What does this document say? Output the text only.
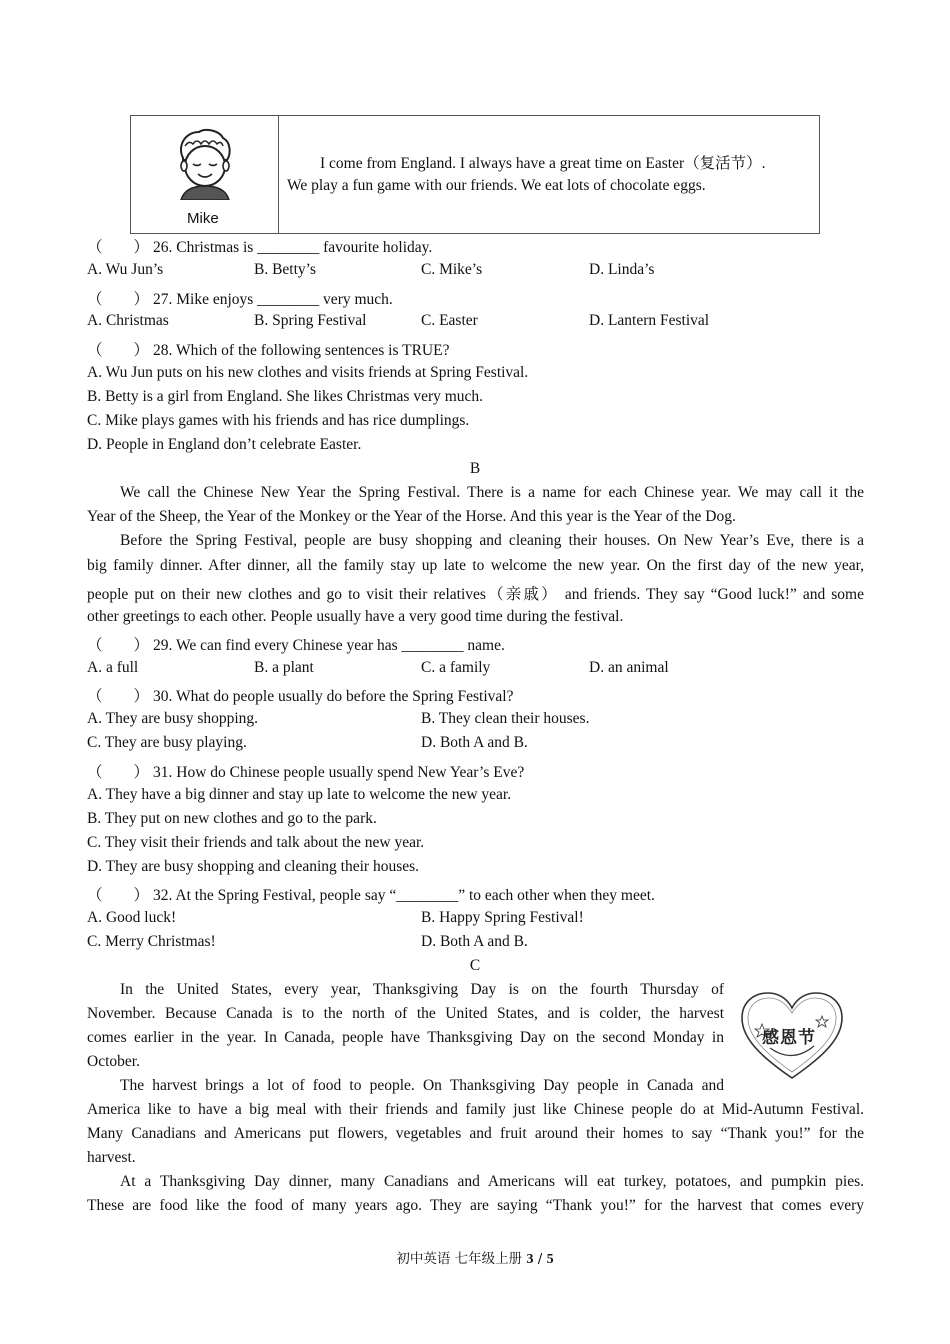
Mike
I come from England. I always have a great time on Easter（复活节）.
We play a fun game with our friends. We eat lots of chocolate eggs.
（　　） 26. Christmas is ________ favourite holiday.
A. Wu Jun’s	B. Betty’s	C. Mike’s	D. Linda’s
（　　） 27. Mike enjoys ________ very much.
A. Christmas	B. Spring Festival	C. Easter	D. Lantern Festival
（　　） 28. Which of the following sentences is TRUE?
A. Wu Jun puts on his new clothes and visits friends at Spring Festival.
B. Betty is a girl from England. She likes Christmas very much.
C. Mike plays games with his friends and has rice dumplings.
D. People in England don’t celebrate Easter.
B
We call the Chinese New Year the Spring Festival. There is a name for each Chinese year. We may call it the
Year of the Sheep, the Year of the Monkey or the Year of the Horse. And this year is the Year of the Dog.
Before the Spring Festival, people are busy shopping and cleaning their houses. On New Year’s Eve, there is a
big family dinner. After dinner, all the family stay up late to welcome the new year. On the first day of the new year,
people put on their new clothes and go to visit their relatives（亲戚） and friends. They say “Good luck!” and some
other greetings to each other. People usually have a very good time during the festival.
（　　） 29. We can find every Chinese year has ________ name.
A. a full	B. a plant	C. a family	D. an animal
（　　） 30. What do people usually do before the Spring Festival?
A. They are busy shopping.	B. They clean their houses.
C. They are busy playing.	D. Both A and B.
（　　） 31. How do Chinese people usually spend New Year’s Eve?
A. They have a big dinner and stay up late to welcome the new year.
B. They put on new clothes and go to the park.
C. They visit their friends and talk about the new year.
D. They are busy shopping and cleaning their houses.
（　　） 32. At the Spring Festival, people say “________” to each other when they meet.
A. Good luck!	B. Happy Spring Festival!
C. Merry Christmas!	D. Both A and B.
C
In the United States, every year, Thanksgiving Day is on the fourth Thursday of
November. Because Canada is to the north of the United States, and is colder, the harvest
comes earlier in the year. In Canada, people have Thanksgiving Day on the second Monday in
October.
The harvest brings a lot of food to people. On Thanksgiving Day people in Canada and
America like to have a big meal with their friends and family just like Chinese people do at Mid-Autumn Festival.
Many Canadians and Americans put flowers, vegetables and fruit around their homes to say “Thank you!” for the
harvest.
At a Thanksgiving Day dinner, many Canadians and Americans will eat turkey, potatoes, and pumpkin pies.
These are food like the food of many years ago. They are saying “Thank you!” for the harvest that comes every
感恩节
初中英语 七年级上册 3 / 5
